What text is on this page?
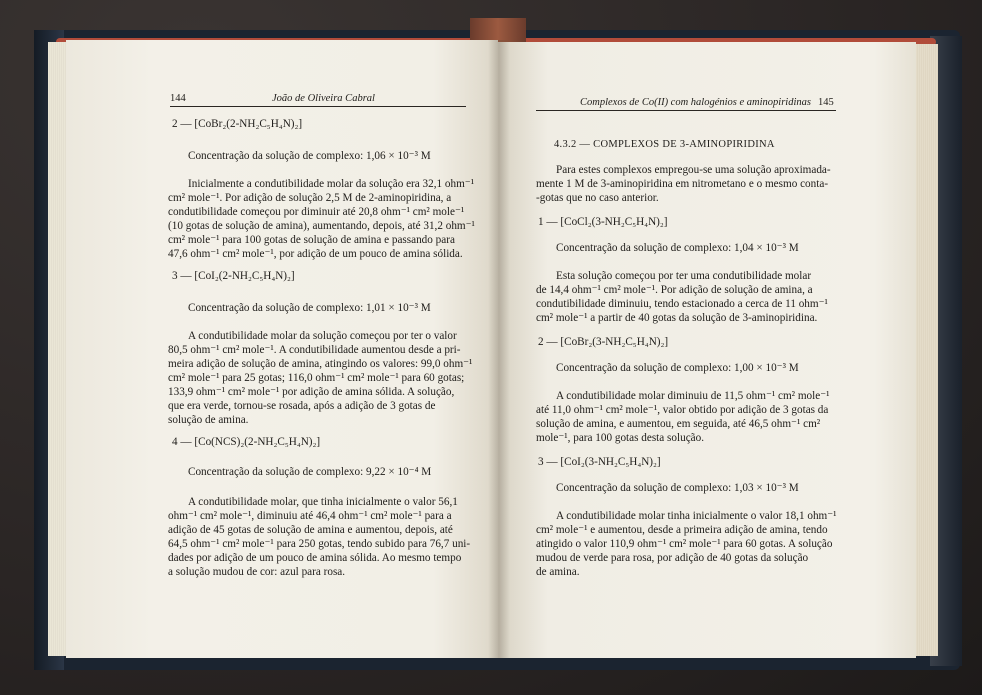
144	João de Oliveira Cabral
2 — [CoBr₂(2-NH₂C₅H₄N)₂]
Concentração da solução de complexo: 1,06 × 10⁻³ M
Inicialmente a condutibilidade molar da solução era 32,1 ohm⁻¹
cm² mole⁻¹. Por adição de solução 2,5 M de 2-aminopiridina, a
condutibilidade começou por diminuir até 20,8 ohm⁻¹ cm² mole⁻¹
(10 gotas de solução de amina), aumentando, depois, até 31,2 ohm⁻¹
cm² mole⁻¹ para 100 gotas de solução de amina e passando para
47,6 ohm⁻¹ cm² mole⁻¹, por adição de um pouco de amina sólida.
3 — [CoI₂(2-NH₂C₅H₄N)₂]
Concentração da solução de complexo: 1,01 × 10⁻³ M
A condutibilidade molar da solução começou por ter o valor
80,5 ohm⁻¹ cm² mole⁻¹. A condutibilidade aumentou desde a pri-
meira adição de solução de amina, atingindo os valores: 99,0 ohm⁻¹
cm² mole⁻¹ para 25 gotas; 116,0 ohm⁻¹ cm² mole⁻¹ para 60 gotas;
133,9 ohm⁻¹ cm² mole⁻¹ por adição de amina sólida. A solução,
que era verde, tornou-se rosada, após a adição de 3 gotas de
solução de amina.
4 — [Co(NCS)₂(2-NH₂C₅H₄N)₂]
Concentração da solução de complexo: 9,22 × 10⁻⁴ M
A condutibilidade molar, que tinha inicialmente o valor 56,1
ohm⁻¹ cm² mole⁻¹, diminuiu até 46,4 ohm⁻¹ cm² mole⁻¹ para a
adição de 45 gotas de solução de amina e aumentou, depois, até
64,5 ohm⁻¹ cm² mole⁻¹ para 250 gotas, tendo subido para 76,7 uni-
dades por adição de um pouco de amina sólida. Ao mesmo tempo
a solução mudou de cor: azul para rosa.
Complexos de Co(II) com halogénios e aminopiridinas 145
4.3.2 — COMPLEXOS DE 3-AMINOPIRIDINA
Para estes complexos empregou-se uma solução aproximada-
mente 1 M de 3-aminopiridina em nitrometano e o mesmo conta-
-gotas que no caso anterior.
1 — [CoCl₂(3-NH₂C₅H₄N)₂]
Concentração da solução de complexo: 1,04 × 10⁻³ M
Esta solução começou por ter uma condutibilidade molar
de 14,4 ohm⁻¹ cm² mole⁻¹. Por adição de solução de amina, a
condutibilidade diminuiu, tendo estacionado a cerca de 11 ohm⁻¹
cm² mole⁻¹ a partir de 40 gotas da solução de 3-aminopiridina.
2 — [CoBr₂(3-NH₂C₅H₄N)₂]
Concentração da solução de complexo: 1,00 × 10⁻³ M
A condutibilidade molar diminuiu de 11,5 ohm⁻¹ cm² mole⁻¹
até 11,0 ohm⁻¹ cm² mole⁻¹, valor obtido por adição de 3 gotas da
solução de amina, e aumentou, em seguida, até 46,5 ohm⁻¹ cm²
mole⁻¹, para 100 gotas desta solução.
3 — [CoI₂(3-NH₂C₅H₄N)₂]
Concentração da solução de complexo: 1,03 × 10⁻³ M
A condutibilidade molar tinha inicialmente o valor 18,1 ohm⁻¹
cm² mole⁻¹ e aumentou, desde a primeira adição de amina, tendo
atingido o valor 110,9 ohm⁻¹ cm² mole⁻¹ para 60 gotas. A solução
mudou de verde para rosa, por adição de 40 gotas da solução
de amina.
